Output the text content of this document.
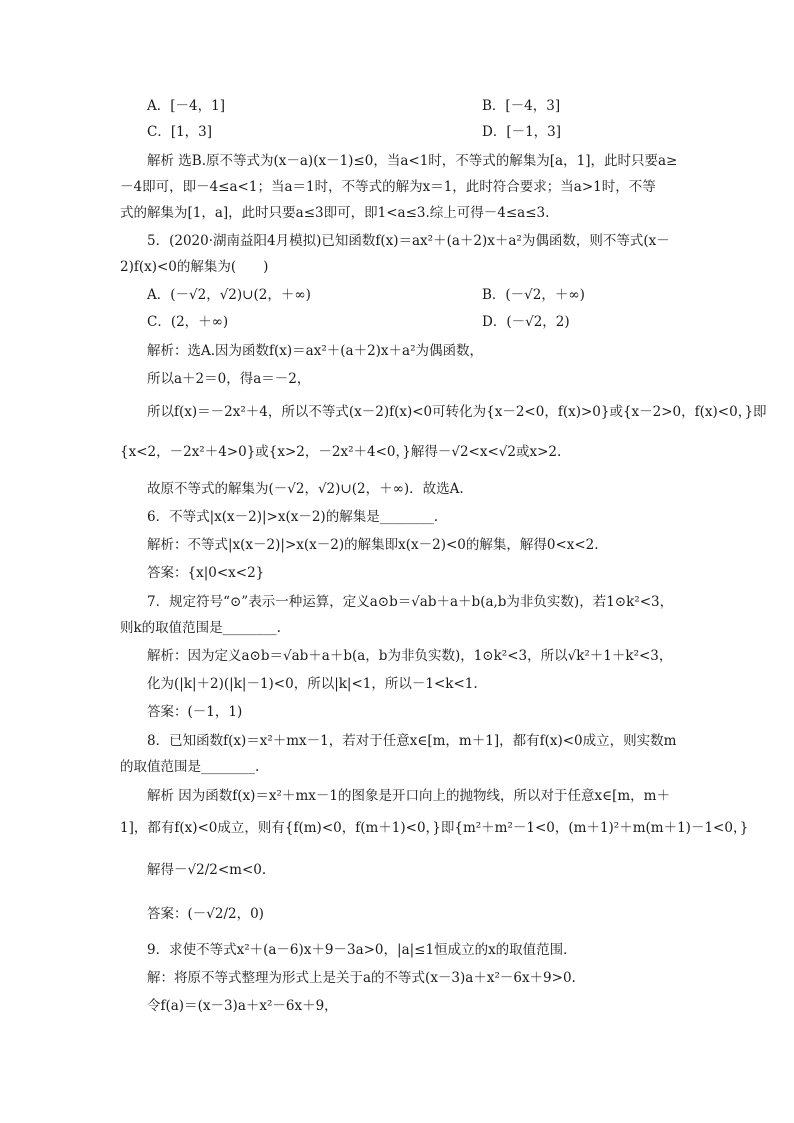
A．[－4，1]	B．[－4，3]
C．[1，3]	D．[－1，3]
解析 选B.原不等式为(x－a)(x－1)≤0，当a<1时，不等式的解集为[a，1]，此时只要a≥
－4即可，即－4≤a<1；当a＝1时，不等式的解为x＝1，此时符合要求；当a>1时，不等
式的解集为[1，a]，此时只要a≤3即可，即1<a≤3.综上可得－4≤a≤3.
5．(2020·湖南益阳4月模拟)已知函数f(x)＝ax²＋(a＋2)x＋a²为偶函数，则不等式(x－
2)f(x)<0的解集为(　　)
A．(－√2，√2)∪(2，＋∞)	B．(－√2，＋∞)
C．(2，＋∞)	D．(－√2，2)
解析：选A.因为函数f(x)＝ax²＋(a＋2)x＋a²为偶函数，
所以a＋2＝0，得a＝－2，
所以f(x)＝－2x²＋4，所以不等式(x－2)f(x)<0可转化为{x－2<0，f(x)>0}或{x－2>0，f(x)<0，}即
{x<2，－2x²＋4>0}或{x>2，－2x²＋4<0，}解得－√2<x<√2或x>2.
故原不等式的解集为(－√2，√2)∪(2，＋∞)．故选A.
6．不等式|x(x－2)|>x(x－2)的解集是________.
解析：不等式|x(x－2)|>x(x－2)的解集即x(x－2)<0的解集，解得0<x<2.
答案：{x|0<x<2}
7．规定符号“⊙”表示一种运算，定义a⊙b＝√ab＋a＋b(a,b为非负实数)，若1⊙k²<3，
则k的取值范围是________.
解析：因为定义a⊙b＝√ab＋a＋b(a，b为非负实数)，1⊙k²<3，所以√k²＋1＋k²<3，
化为(|k|＋2)(|k|－1)<0，所以|k|<1，所以－1<k<1.
答案：(－1，1)
8．已知函数f(x)＝x²＋mx－1，若对于任意x∈[m，m＋1]，都有f(x)<0成立，则实数m
的取值范围是________.
解析 因为函数f(x)＝x²＋mx－1的图象是开口向上的抛物线，所以对于任意x∈[m，m＋
1]，都有f(x)<0成立，则有{f(m)<0，f(m＋1)<0，}即{m²＋m²－1<0，(m＋1)²＋m(m＋1)－1<0，}
解得－√2/2<m<0.
答案：(－√2/2，0)
9．求使不等式x²＋(a－6)x＋9－3a>0，|a|≤1恒成立的x的取值范围．
解：将原不等式整理为形式上是关于a的不等式(x－3)a＋x²－6x＋9>0.
令f(a)＝(x－3)a＋x²－6x＋9，
